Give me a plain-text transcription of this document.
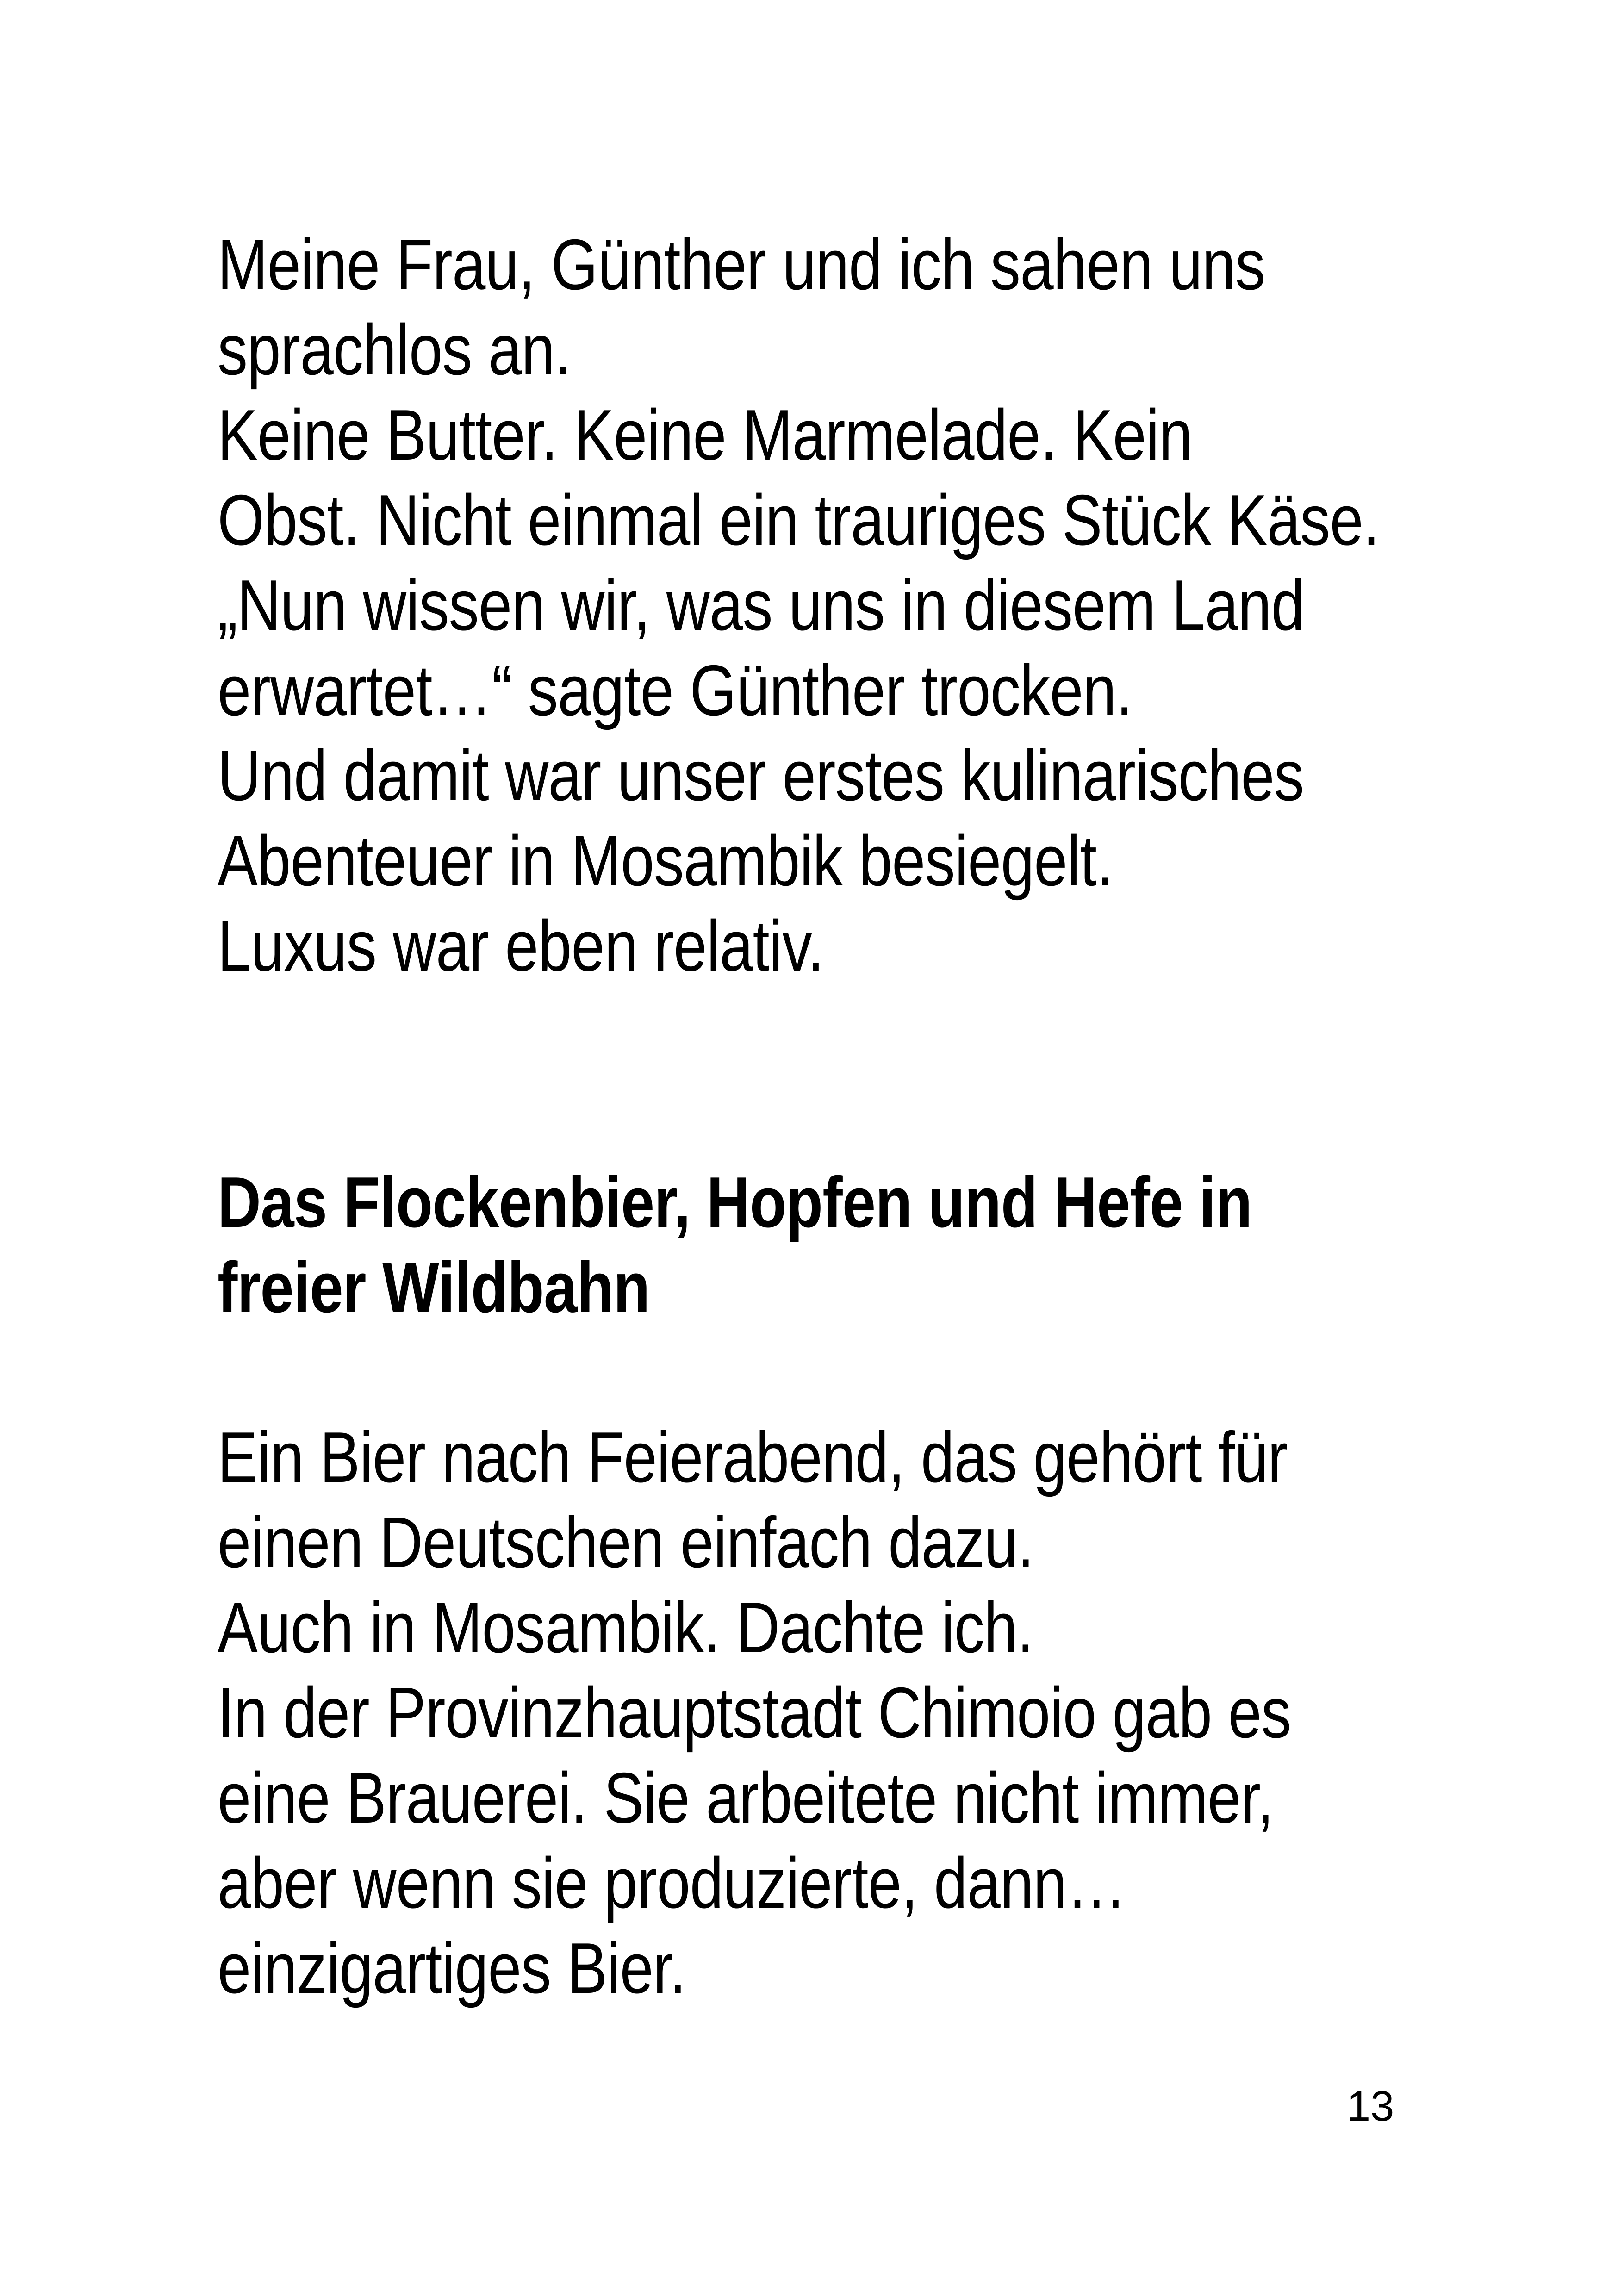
Meine Frau, Günther und ich sahen uns
sprachlos an.
Keine Butter. Keine Marmelade. Kein
Obst. Nicht einmal ein trauriges Stück Käse.
„Nun wissen wir, was uns in diesem Land
erwartet…“ sagte Günther trocken.
Und damit war unser erstes kulinarisches
Abenteuer in Mosambik besiegelt.
Luxus war eben relativ.
Das Flockenbier, Hopfen und Hefe in
freier Wildbahn
Ein Bier nach Feierabend, das gehört für
einen Deutschen einfach dazu.
Auch in Mosambik. Dachte ich.
In der Provinzhauptstadt Chimoio gab es
eine Brauerei. Sie arbeitete nicht immer,
aber wenn sie produzierte, dann…
einzigartiges Bier.
13
